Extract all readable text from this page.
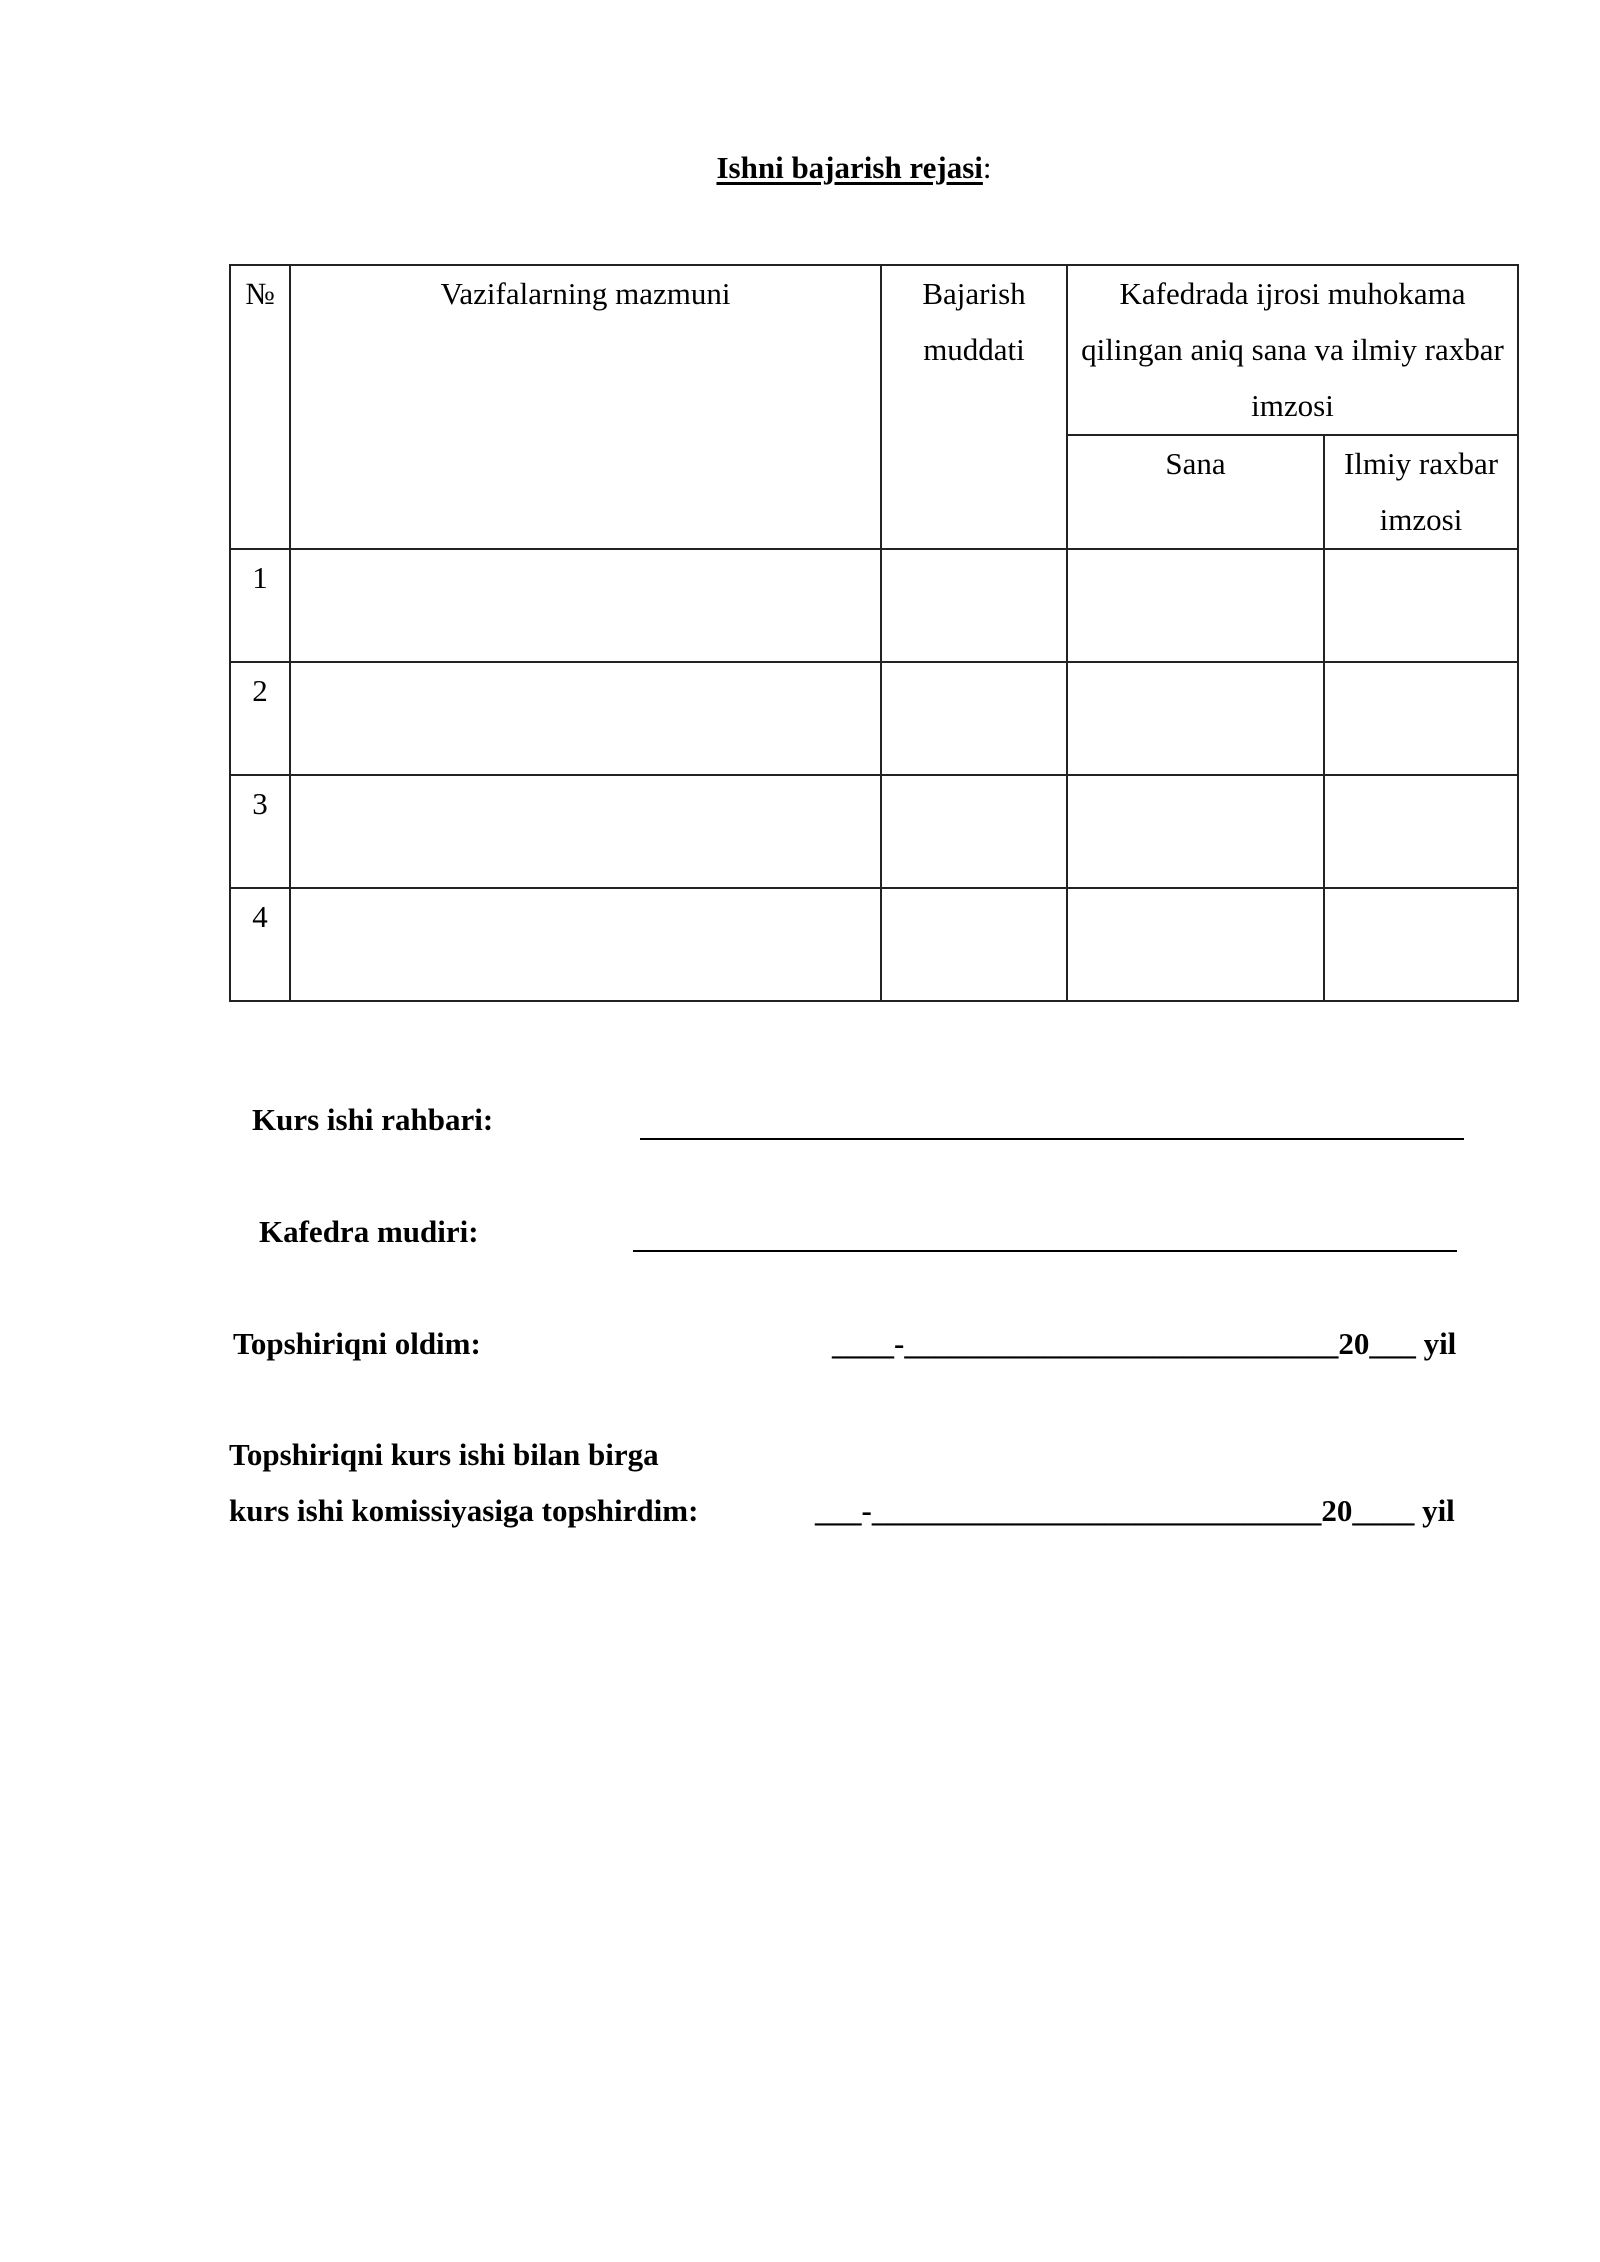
Ishni bajarish rejasi:
№	Vazifalarning mazmuni	Bajarish muddati	Kafedrada ijrosi muhokama qilingan aniq sana va ilmiy raxbar imzosi	
			Sana	Ilmiy raxbar imzosi
1				
2				
3				
4				
Kurs ishi rahbari:
Kafedra mudiri:
Topshiriqni oldim:	____-____________________________20___ yil
Topshiriqni kurs ishi bilan birga
kurs ishi komissiyasiga topshirdim:	___-_____________________________20____ yil
